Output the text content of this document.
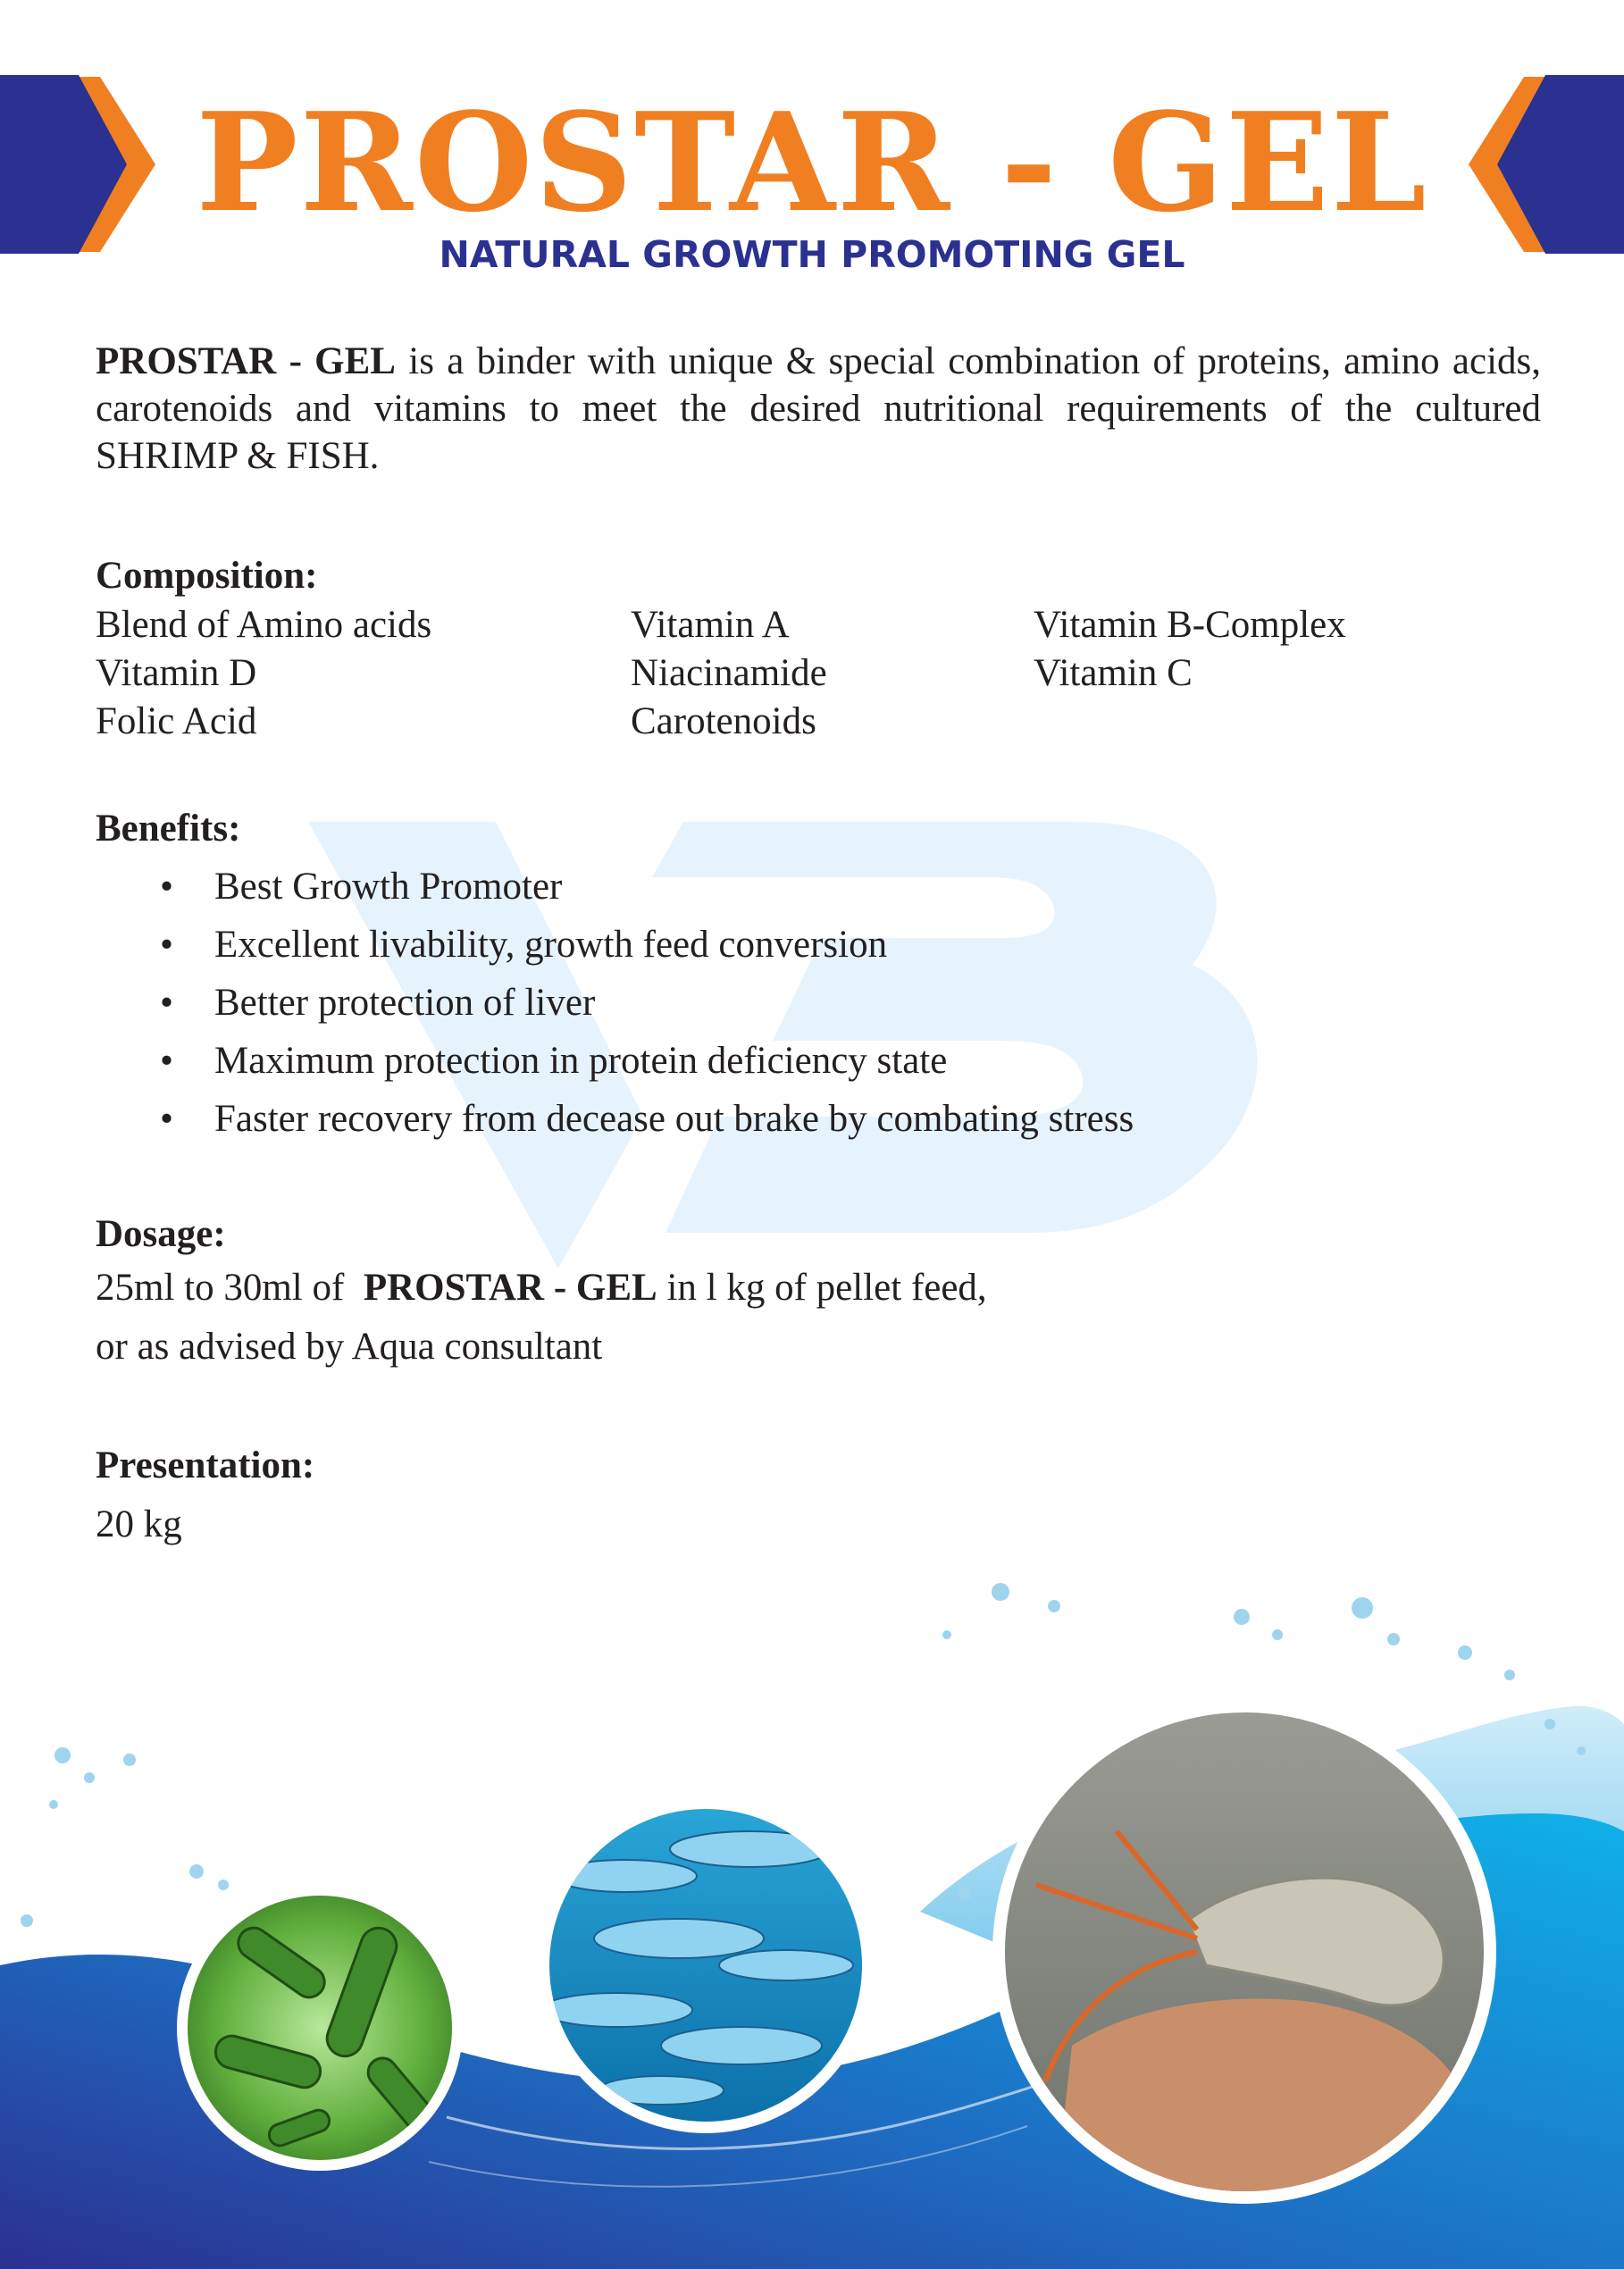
PROSTAR - GEL
NATURAL GROWTH PROMOTING GEL
PROSTAR - GEL is a binder with unique & special combination of proteins, amino acids, carotenoids and vitamins to meet the desired nutritional requirements of the cultured SHRIMP & FISH.
Composition:
Blend of Amino acids
Vitamin D
Folic Acid
Vitamin A
Niacinamide
Carotenoids
Vitamin B-Complex
Vitamin C
Benefits:
• Best Growth Promoter
• Excellent livability, growth feed conversion
• Better protection of liver
• Maximum protection in protein deficiency state
• Faster recovery from decease out brake by combating stress
Dosage:
25ml to 30ml of  PROSTAR - GEL in l kg of pellet feed,
or as advised by Aqua consultant
Presentation:
20 kg
